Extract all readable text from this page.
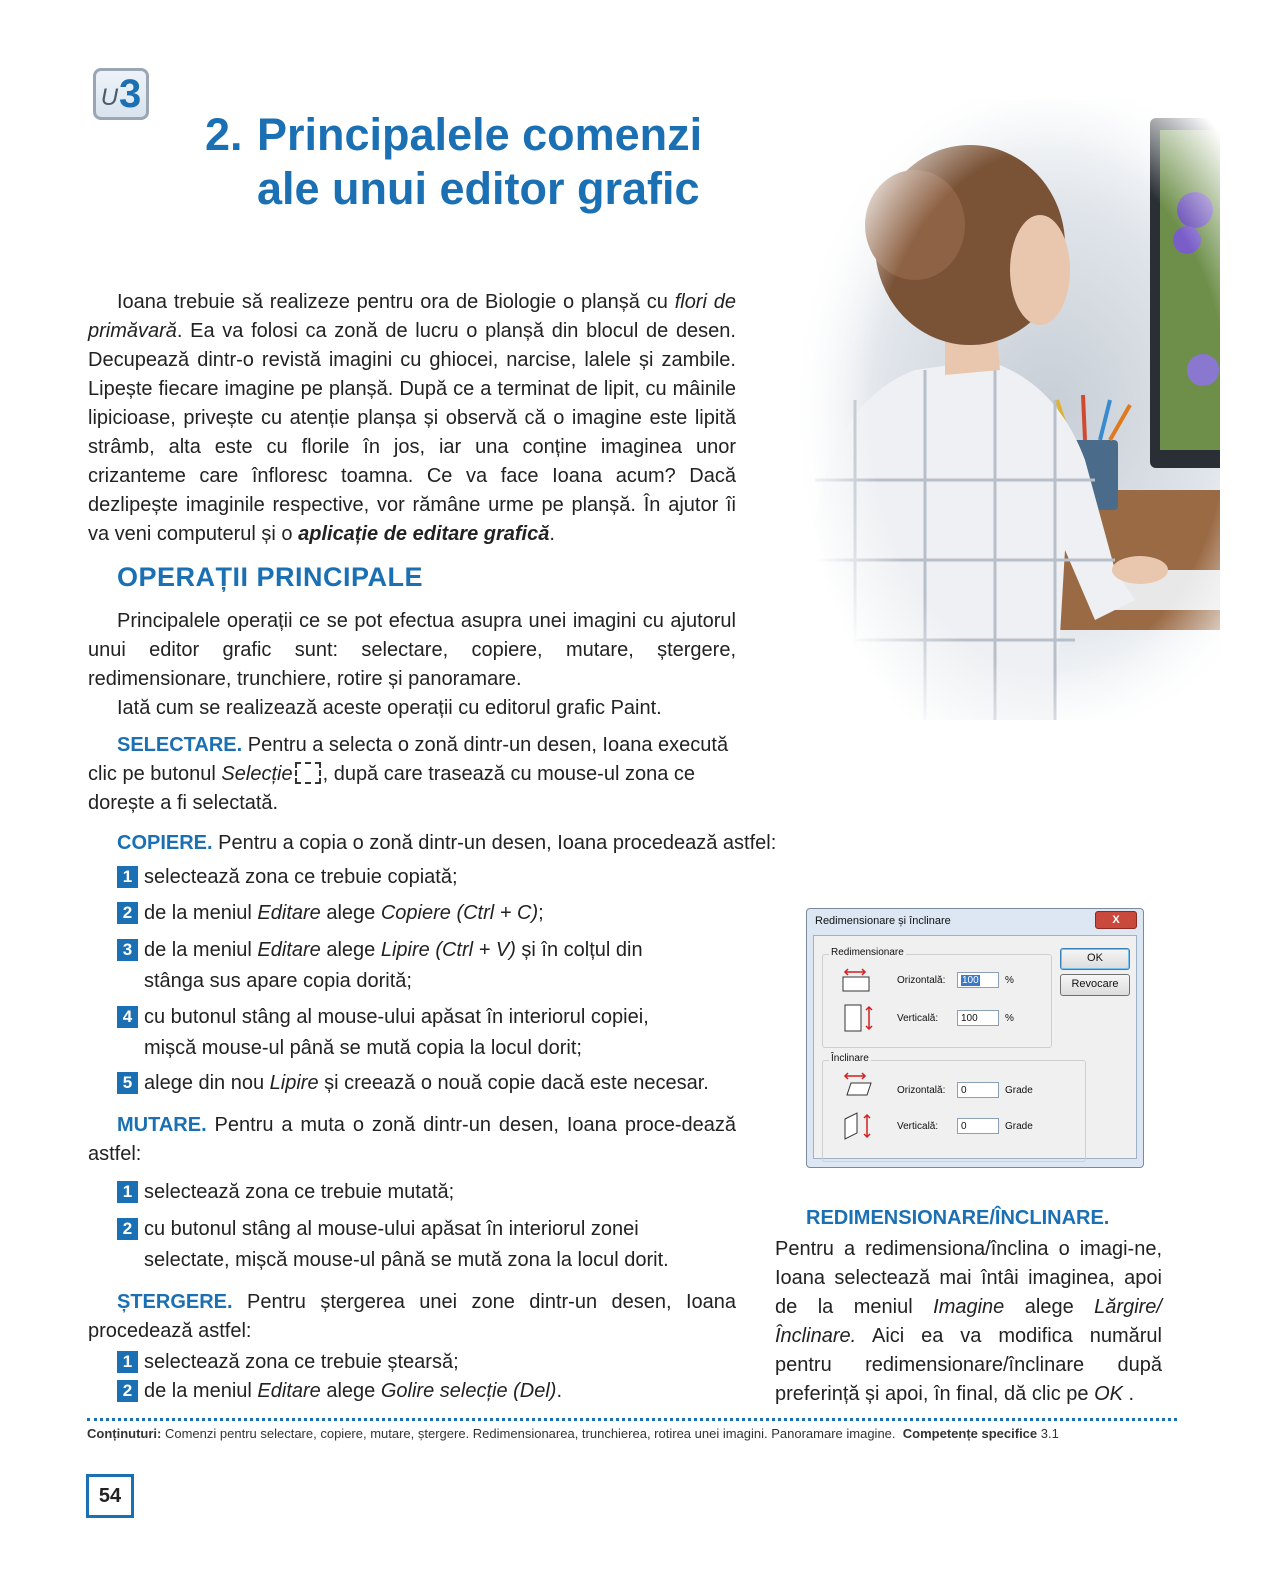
U 3
2. Principalele comenzi
ale unui editor grafic

Ioana trebuie să realizeze pentru ora de Biologie o planșă cu flori de primăvară. Ea va folosi ca zonă de lucru o planșă din blocul de desen. Decupează dintr-o revistă imagini cu ghiocei, narcise, lalele și zambile. Lipește fiecare imagine pe planșă. După ce a terminat de lipit, cu mâinile lipicioase, privește cu atenție planșa și observă că o imagine este lipită strâmb, alta este cu florile în jos, iar una conține imaginea unor crizanteme care înfloresc toamna. Ce va face Ioana acum? Dacă dezlipește imaginile respective, vor rămâne urme pe planșă. În ajutor îi va veni computerul și o aplicație de editare grafică.

OPERAȚII PRINCIPALE

Principalele operații ce se pot efectua asupra unei imagini cu ajutorul unui editor grafic sunt: selectare, copiere, mutare, ștergere, redimensionare, trunchiere, rotire și panoramare.

Iată cum se realizează aceste operații cu editorul grafic Paint.

SELECTARE. Pentru a selecta o zonă dintr-un desen, Ioana execută clic pe butonul Selecție , după care trasează cu mouse-ul zona ce dorește a fi selectată.

COPIERE. Pentru a copia o zonă dintr-un desen, Ioana procedează astfel:

1 selectează zona ce trebuie copiată;
2 de la meniul Editare alege Copiere (Ctrl + C);
3 de la meniul Editare alege Lipire (Ctrl + V) și în colțul din
stânga sus apare copia dorită;
4 cu butonul stâng al mouse-ului apăsat în interiorul copiei,
mișcă mouse-ul până se mută copia la locul dorit;
5 alege din nou Lipire și creează o nouă copie dacă este necesar.

MUTARE. Pentru a muta o zonă dintr-un desen, Ioana proce-dează astfel:

1 selectează zona ce trebuie mutată;
2 cu butonul stâng al mouse-ului apăsat în interiorul zonei
selectate, mișcă mouse-ul până se mută zona la locul dorit.

ȘTERGERE. Pentru ștergerea unei zone dintr-un desen, Ioana procedează astfel:

1 selectează zona ce trebuie ștearsă;
2 de la meniul Editare alege Golire selecție (Del).
Redimensionare și înclinare	X
Redimensionare
Orizontală:	100	%
Verticală:	100	%
Înclinare
Orizontală:	0	Grade
Verticală:	0	Grade
OK
Revocare
REDIMENSIONARE/ÎNCLINARE.

Pentru a redimensiona/înclina o imagi-ne, Ioana selectează mai întâi imaginea, apoi de la meniul Imagine alege Lărgire/Înclinare. Aici ea va modifica numărul pentru redimensionare/înclinare după preferință și apoi, în final, dă clic pe OK .

Conținuturi: Comenzi pentru selectare, copiere, mutare, ștergere. Redimensionarea, trunchierea, rotirea unei imagini. Panoramare imagine. Competențe specifice 3.1
54
